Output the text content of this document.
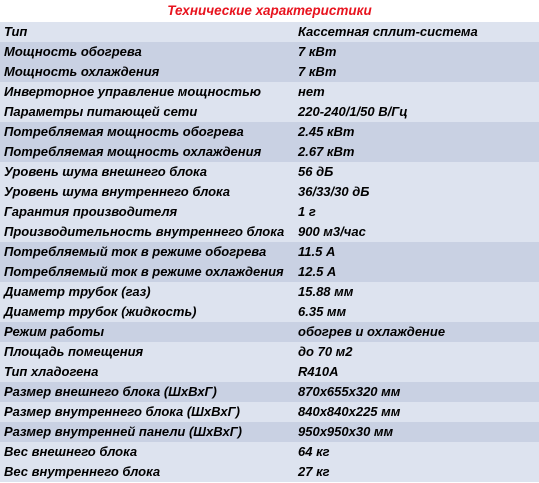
Технические характеристики
Тип	Кассетная сплит-система
Мощность обогрева	7 кВт
Мощность охлаждения	7 кВт
Инверторное управление мощностью	нет
Параметры питающей сети	220-240/1/50 В/Гц
Потребляемая мощность обогрева	2.45 кВт
Потребляемая мощность охлаждения	2.67 кВт
Уровень шума внешнего блока	56 дБ
Уровень шума внутреннего блока	36/33/30 дБ
Гарантия производителя	1 г
Производительность внутреннего блока	900 м3/час
Потребляемый ток в режиме обогрева	11.5 А
Потребляемый ток в режиме охлаждения	12.5 А
Диаметр трубок (газ)	15.88 мм
Диаметр трубок (жидкость)	6.35 мм
Режим работы	обогрев и охлаждение
Площадь помещения	до 70 м2
Тип хладогена	R410A
Размер внешнего блока (ШхВхГ)	870x655x320 мм
Размер внутреннего блока (ШхВхГ)	840x840x225 мм
Размер внутренней панели (ШхВхГ)	950x950x30 мм
Вес внешнего блока	64 кг
Вес внутреннего блока	27 кг
